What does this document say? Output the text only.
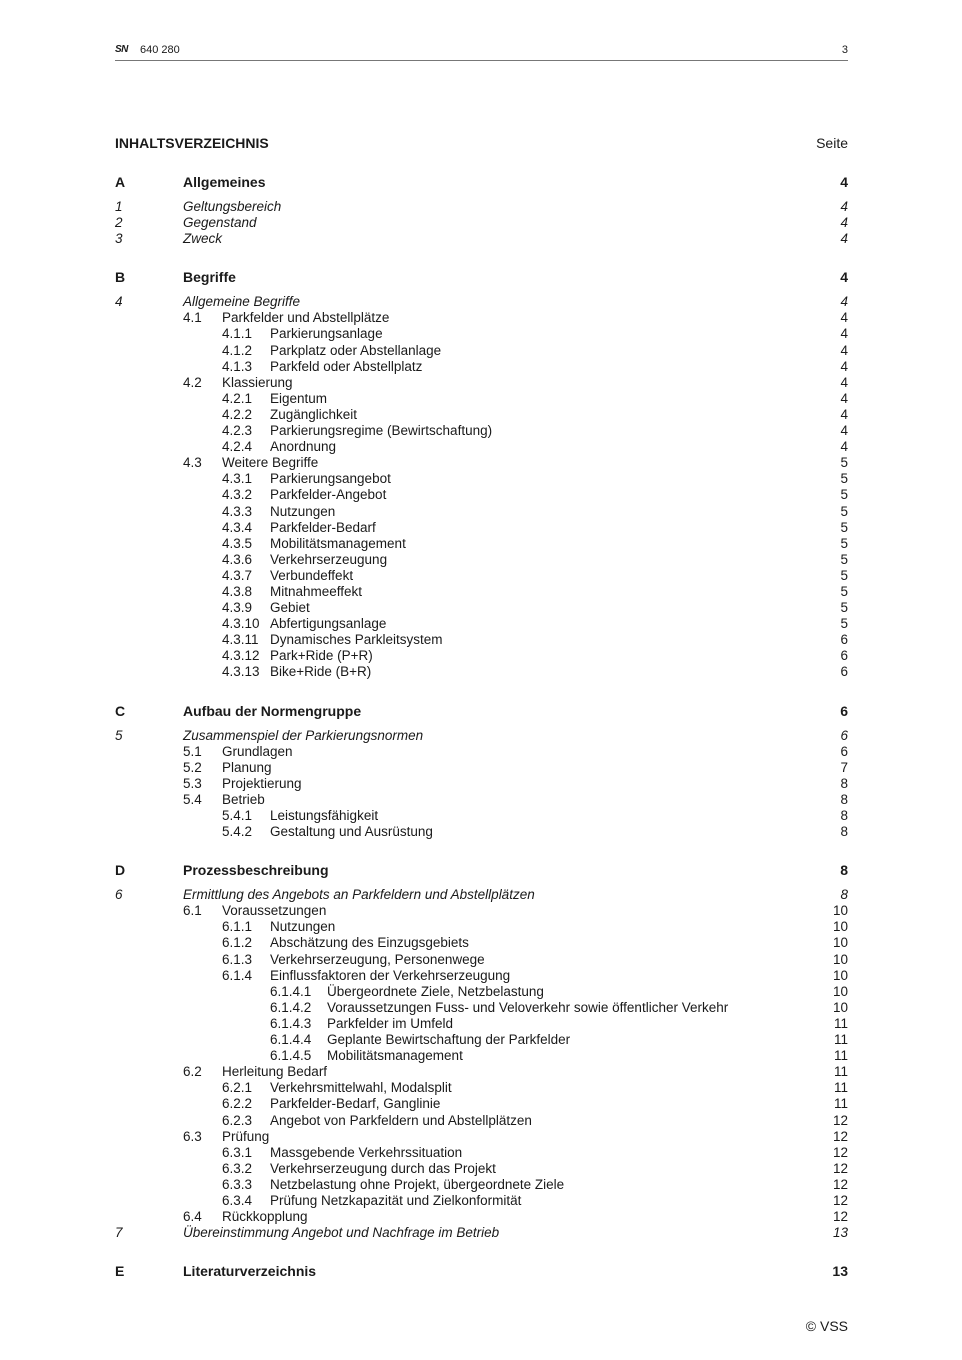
SN 640 280	3
INHALTSVERZEICHNIS	Seite
A	Allgemeines	4
1	Geltungsbereich	4
2	Gegenstand	4
3	Zweck	4
B	Begriffe	4
4	Allgemeine Begriffe	4
4.1 Parkfelder und Abstellplätze	4
4.1.1 Parkierungsanlage	4
4.1.2 Parkplatz oder Abstellanlage	4
4.1.3 Parkfeld oder Abstellplatz	4
4.2 Klassierung	4
4.2.1 Eigentum	4
4.2.2 Zugänglichkeit	4
4.2.3 Parkierungsregime (Bewirtschaftung)	4
4.2.4 Anordnung	4
4.3 Weitere Begriffe	5
4.3.1 Parkierungsangebot	5
4.3.2 Parkfelder-Angebot	5
4.3.3 Nutzungen	5
4.3.4 Parkfelder-Bedarf	5
4.3.5 Mobilitätsmanagement	5
4.3.6 Verkehrserzeugung	5
4.3.7 Verbundeffekt	5
4.3.8 Mitnahmeeffekt	5
4.3.9 Gebiet	5
4.3.10 Abfertigungsanlage	5
4.3.11 Dynamisches Parkleitsystem	6
4.3.12 Park+Ride (P+R)	6
4.3.13 Bike+Ride (B+R)	6
C	Aufbau der Normengruppe	6
5	Zusammenspiel der Parkierungsnormen	6
5.1 Grundlagen	6
5.2 Planung	7
5.3 Projektierung	8
5.4 Betrieb	8
5.4.1 Leistungsfähigkeit	8
5.4.2 Gestaltung und Ausrüstung	8
D	Prozessbeschreibung	8
6	Ermittlung des Angebots an Parkfeldern und Abstellplätzen	8
6.1 Voraussetzungen	10
6.1.1 Nutzungen	10
6.1.2 Abschätzung des Einzugsgebiets	10
6.1.3 Verkehrserzeugung, Personenwege	10
6.1.4 Einflussfaktoren der Verkehrserzeugung	10
6.1.4.1 Übergeordnete Ziele, Netzbelastung	10
6.1.4.2 Voraussetzungen Fuss- und Veloverkehr sowie öffentlicher Verkehr	10
6.1.4.3 Parkfelder im Umfeld	11
6.1.4.4 Geplante Bewirtschaftung der Parkfelder	11
6.1.4.5 Mobilitätsmanagement	11
6.2 Herleitung Bedarf	11
6.2.1 Verkehrsmittelwahl, Modalsplit	11
6.2.2 Parkfelder-Bedarf, Ganglinie	11
6.2.3 Angebot von Parkfeldern und Abstellplätzen	12
6.3 Prüfung	12
6.3.1 Massgebende Verkehrssituation	12
6.3.2 Verkehrserzeugung durch das Projekt	12
6.3.3 Netzbelastung ohne Projekt, übergeordnete Ziele	12
6.3.4 Prüfung Netzkapazität und Zielkonformität	12
6.4 Rückkopplung	12
7	Übereinstimmung Angebot und Nachfrage im Betrieb	13
E	Literaturverzeichnis	13
© VSS
